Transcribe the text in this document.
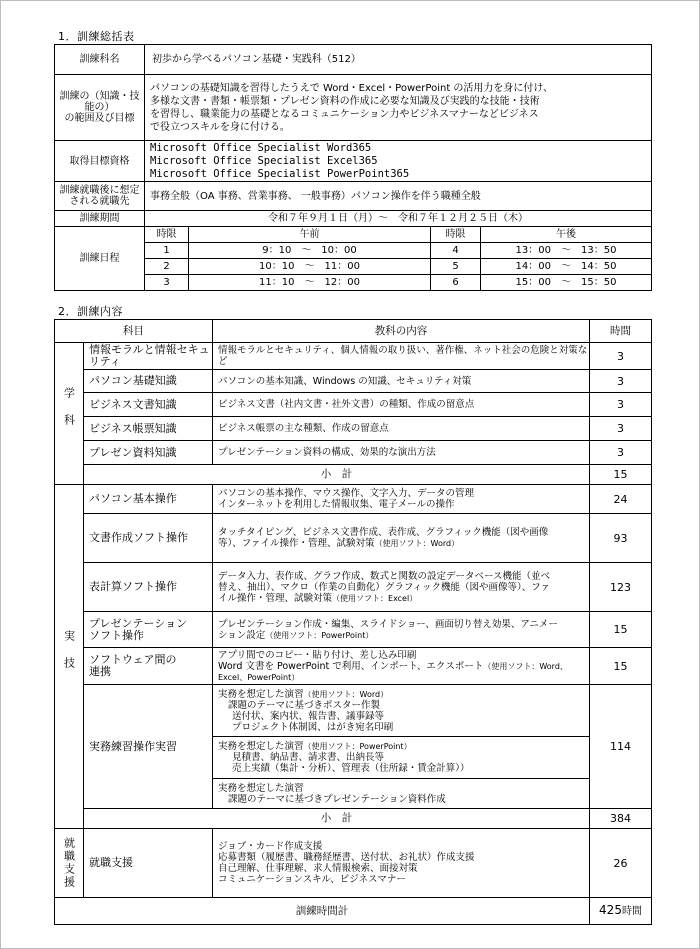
1．訓練総括表
訓練科名	初歩から学べるパソコン基礎・実践科（512）			

訓練の（知識・技能の）
の範囲及び目標	パソコンの基礎知識を習得したうえで Word・Excel・PowerPoint の活用力を身に付け、
多様な文書・書類・帳票類・プレゼン資料の作成に必要な知識及び実践的な技能・技術
を習得し、職業能力の基礎となるコミュニケーション力やビジネスマナーなどビジネス
で役立つスキルを身に付ける。			

取得目標資格	Microsoft Office Specialist Word365
Microsoft Office Specialist Excel365
Microsoft Office Specialist PowerPoint365			

訓練就職後に想定
される就職先	事務全般（OA 事務、営業事務、 一般事務）パソコン操作を伴う職種全般			
訓練期間	令和７年９月１日（月）～　令和７年１２月２５日（木）			
訓練日程	時限	午前	時限	午後
	1	9：10　～　10：00	4	13：00　～　13：50
	2	10：10　～　11：00	5	14：00　～　14：50
	3	11：10　～　12：00	6	15：00　～　15：50
2．訓練内容
科目		教科の内容	時間
学科	情報モラルと情報セキュリティ	情報モラルとセキュリティ、個人情報の取り扱い、著作権、ネット社会の危険と対策など	3
	パソコン基礎知識	パソコンの基本知識、Windows の知識、セキュリティ対策	3
	ビジネス文書知識	ビジネス文書（社内文書・社外文書）の種類、作成の留意点	3
	ビジネス帳票知識	ビジネス帳票の主な種類、作成の留意点	3
	プレゼン資料知識	プレゼンテーション資料の構成、効果的な演出方法	3
	小　計		15
実技	パソコン基本操作	パソコンの基本操作、マウス操作、文字入力、データの管理
インターネットを利用した情報収集、電子メールの操作	24
	文書作成ソフト操作	タッチタイピング、ビジネス文書作成、表作成、グラフィック機能（図や画像
等）、ファイル操作・管理、試験対策（使用ソフト：Word）	93
	表計算ソフト操作	データ入力、表作成、グラフ作成、数式と関数の設定データベース機能（並べ
替え、抽出）、マクロ（作業の自動化）グラフィック機能（図や画像等）、ファ
イル操作・管理、試験対策（使用ソフト：Excel）	123

	プレゼンテーション
ソフト操作	プレゼンテーション作成・編集、スライドショー、画面切り替え効果、アニメー
ション設定（使用ソフト：PowerPoint）	15

	ソフトウェア間の
連携	アプリ間でのコピー・貼り付け、差し込み印刷
Word 文書を PowerPoint で利用、インポート、エクスポート（使用ソフト：Word、
Excel、PowerPoint）	15
	実務練習操作実習	実務を想定した演習（使用ソフト：Word）
課題のテーマに基づきポスター作製
送付状、案内状、報告書、議事録等
プロジェクト体制図、はがき宛名印刷	114

		実務を想定した演習（使用ソフト：PowerPoint）
見積書、納品書、請求書、出納長等
売上実績（集計・分析）、管理表（住所録・賃金計算））	

		実務を想定した演習
課題のテーマに基づきプレゼンテーション資料作成	

	小　計		384
就職支援	就職支援	ジョブ・カード作成支援
応募書類（履歴書、職務経歴書、送付状、お礼状）作成支援
自己理解、仕事理解、求人情報検索、面接対策
コミュニケーションスキル、ビジネスマナー	26
訓練時間計			425時間
